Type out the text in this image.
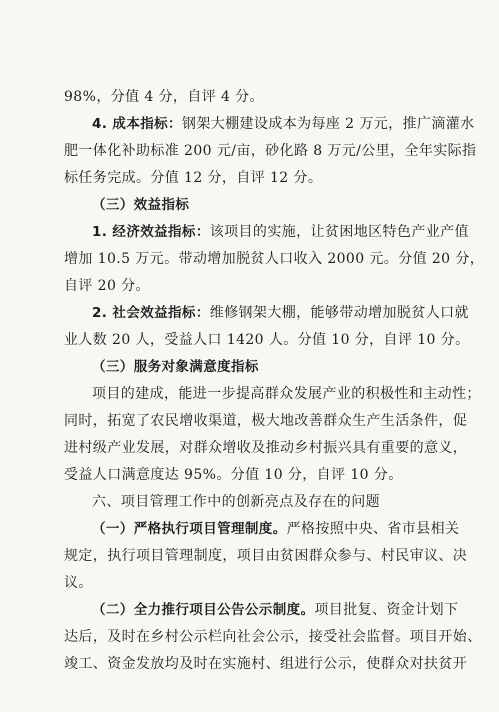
98%，分值 4 分，自评 4 分。
4. 成本指标：钢架大棚建设成本为每座 2 万元，推广滴灌水
肥一体化补助标准 200 元/亩，砂化路 8 万元/公里，全年实际指
标任务完成。分值 12 分，自评 12 分。
（三）效益指标
1. 经济效益指标：该项目的实施，让贫困地区特色产业产值
增加 10.5 万元。带动增加脱贫人口收入 2000 元。分值 20 分，
自评 20 分。
2. 社会效益指标：维修钢架大棚，能够带动增加脱贫人口就
业人数 20 人，受益人口 1420 人。分值 10 分，自评 10 分。
（三）服务对象满意度指标
项目的建成，能进一步提高群众发展产业的积极性和主动性；
同时，拓宽了农民增收渠道，极大地改善群众生产生活条件，促
进村级产业发展，对群众增收及推动乡村振兴具有重要的意义，
受益人口满意度达 95%。分值 10 分，自评 10 分。
六、项目管理工作中的创新亮点及存在的问题
（一）严格执行项目管理制度。严格按照中央、省市县相关
规定，执行项目管理制度，项目由贫困群众参与、村民审议、决
议。
（二）全力推行项目公告公示制度。项目批复、资金计划下
达后，及时在乡村公示栏向社会公示，接受社会监督。项目开始、
竣工、资金发放均及时在实施村、组进行公示，使群众对扶贫开
